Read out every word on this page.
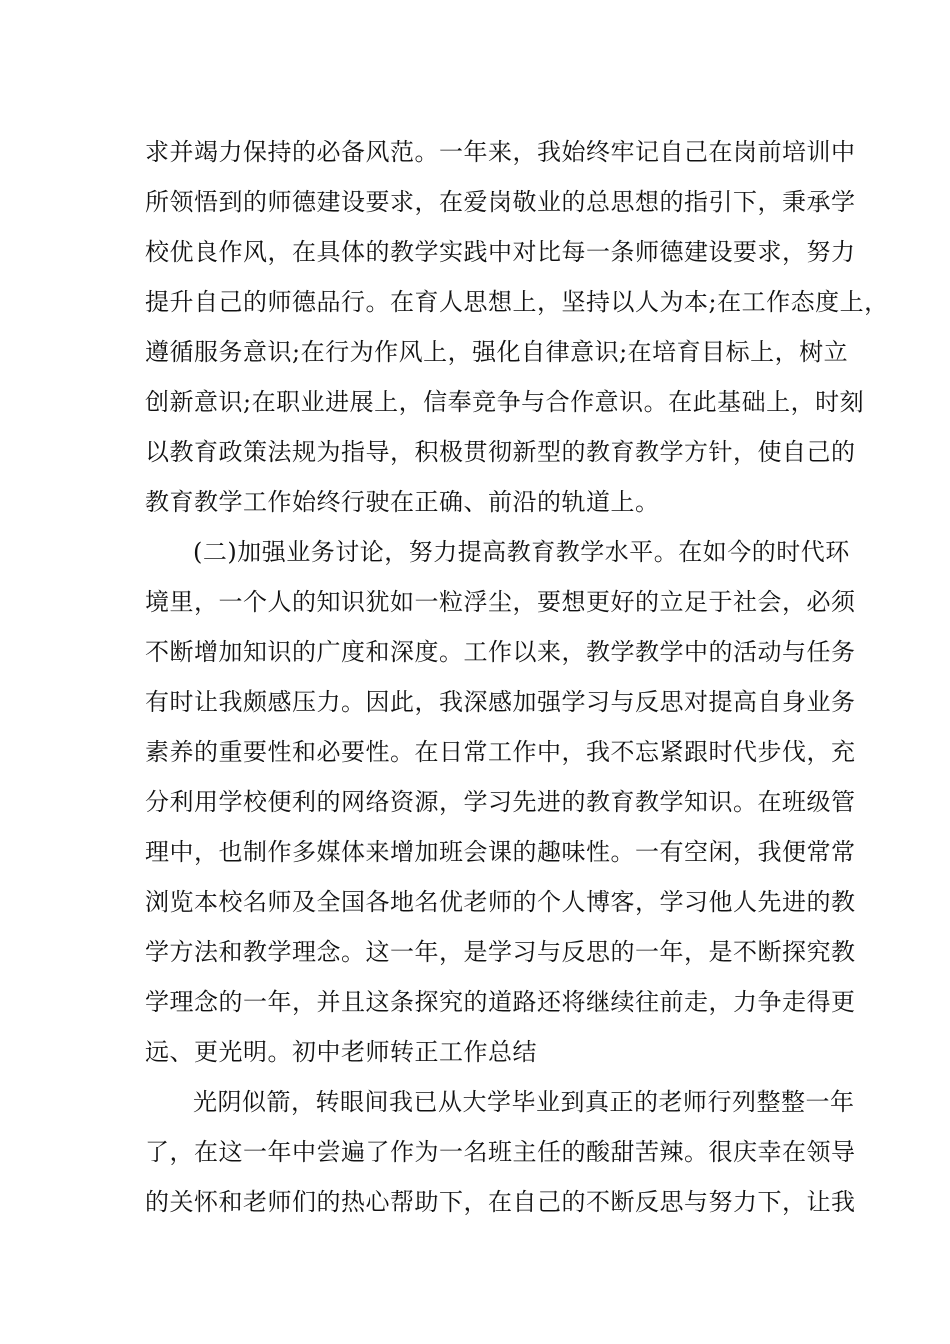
求并竭力保持的必备风范。一年来，我始终牢记自己在岗前培训中
所领悟到的师德建设要求，在爱岗敬业的总思想的指引下，秉承学
校优良作风，在具体的教学实践中对比每一条师德建设要求，努力
提升自己的师德品行。在育人思想上，坚持以人为本;在工作态度上，
遵循服务意识;在行为作风上，强化自律意识;在培育目标上，树立
创新意识;在职业进展上，信奉竞争与合作意识。在此基础上，时刻
以教育政策法规为指导，积极贯彻新型的教育教学方针，使自己的
教育教学工作始终行驶在正确、前沿的轨道上。
(二)加强业务讨论，努力提高教育教学水平。在如今的时代环
境里，一个人的知识犹如一粒浮尘，要想更好的立足于社会，必须
不断增加知识的广度和深度。工作以来，教学教学中的活动与任务
有时让我颇感压力。因此，我深感加强学习与反思对提高自身业务
素养的重要性和必要性。在日常工作中，我不忘紧跟时代步伐，充
分利用学校便利的网络资源，学习先进的教育教学知识。在班级管
理中，也制作多媒体来增加班会课的趣味性。一有空闲，我便常常
浏览本校名师及全国各地名优老师的个人博客，学习他人先进的教
学方法和教学理念。这一年，是学习与反思的一年，是不断探究教
学理念的一年，并且这条探究的道路还将继续往前走，力争走得更
远、更光明。初中老师转正工作总结
光阴似箭，转眼间我已从大学毕业到真正的老师行列整整一年
了，在这一年中尝遍了作为一名班主任的酸甜苦辣。很庆幸在领导
的关怀和老师们的热心帮助下，在自己的不断反思与努力下，让我
